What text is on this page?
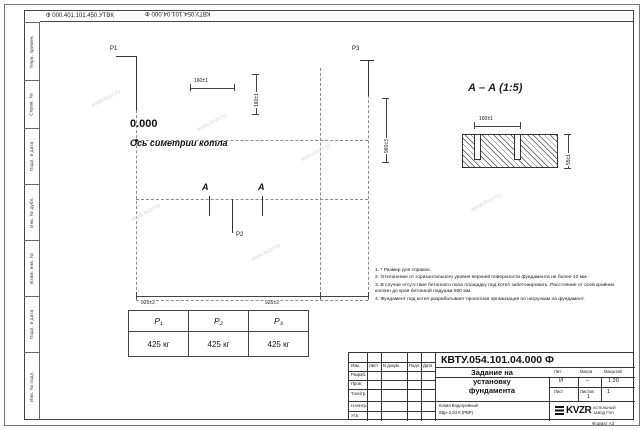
Ф 000.401.101.450.УТВК	КВТУ.054.101.04.000 Ф
Перв. примен.
Справ. №
Подп. и дата
Инв. № дубл.
Взам. инв. №
Подп. и дата
Инв. № подл.
P1	P3
P2
0.000
Ось симетрии котла
160±1
160±1
960±3
A	A
925±2	925±2
www.kvzr.ru
www.kvzr.ru
www.kvzr.ru
www.kvzr.ru
www.kvzr.ru
www.kvzr.ru
А – А (1:5)
160±1
55±1
P₁	P₂	P₃
425 кг	425 кг	425 кг
1. * Размер для справок.
2. Отклонение от горизонтального уровня верхней поверхности фундамента не более 10 мм.
3. В случае отсутствия бетонного пола площадку под котел забетонировать. Расстояние от осей крайних колонн до края бетонной подушки 500 мм.
4. Фундамент под котел разрабатывает проектная организация по нагрузкам на фундамент.
Изм. Лист N докум. Подп. Дата
Разраб.
Пров
Т.контр.
Н.контр.
Утв.
КВТУ.054.101.04.000 Ф
Задание на
установку
фундамента
Копия Водогрейный
КВр–2,63 К (РВР)
Лит.	Масса	Масштаб
И	–	1:20
Лист	Листов 1
1
KVZR КОТЕЛЬНЫЙ
ЗАВОД РЭП
Формат А3
